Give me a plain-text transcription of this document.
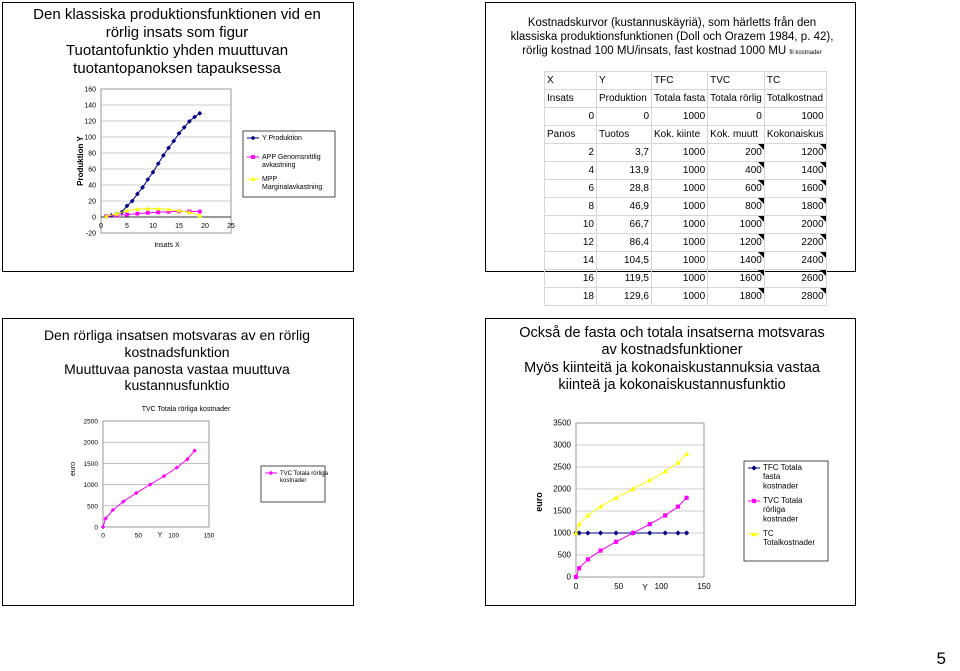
Den klassiska produktionsfunktionen vid en
rörlig insats som figur
Tuotantofunktio yhden muuttuvan
tuotantopanoksen tapauksessa
Produktion Y
Insats X
160
140
120
100
80
60
40
20
0
-20
0	5	10	15	20	25
Y Produktion
APP Genomsnittlig
avkastning
MPP
Marginalavkastning
Kostnadskurvor (kustannuskäyriä), som härletts från den
klassiska produktionsfunktionen (Doll och Orazem 1984, p. 42),
rörlig kostnad 100 MU/insats, fast kostnad 1000 MU fil kostnader
X	Y	TFC	TVC	TC
Insats	Produktion	Totala fasta	Totala rörlig	Totalkostnad
0	0	1000	0	1000
Panos	Tuotos	Kok. kiinte	Kok. muutt	Kokonaiskus
2	3,7	1000	200	1200
4	13,9	1000	400	1400
6	28,8	1000	600	1600
8	46,9	1000	800	1800
10	66,7	1000	1000	2000
12	86,4	1000	1200	2200
14	104,5	1000	1400	2400
16	119,5	1000	1600	2600
18	129,6	1000	1800	2800
Den rörliga insatsen motsvaras av en rörlig
kostnadsfunktion
Muuttuvaa panosta vastaa muuttuva
kustannusfunktio
TVC Totala rörliga kostnader
euro
Y
2500
2000
1500
1000
500
0
0	50	100	150
TVC Totala rörliga
kostnader
Också de fasta och totala insatserna motsvaras
av kostnadsfunktioner
Myös kiinteitä ja kokonaiskustannuksia vastaa
kiinteä ja kokonaiskustannusfunktio
euro
Y
3500
3000
2500
2000
1500
1000
500
0
0	50	100	150
TFC Totala
fasta
kostnader
TVC Totala
rörliga
kostnader
TC
Totalkostnader
5
